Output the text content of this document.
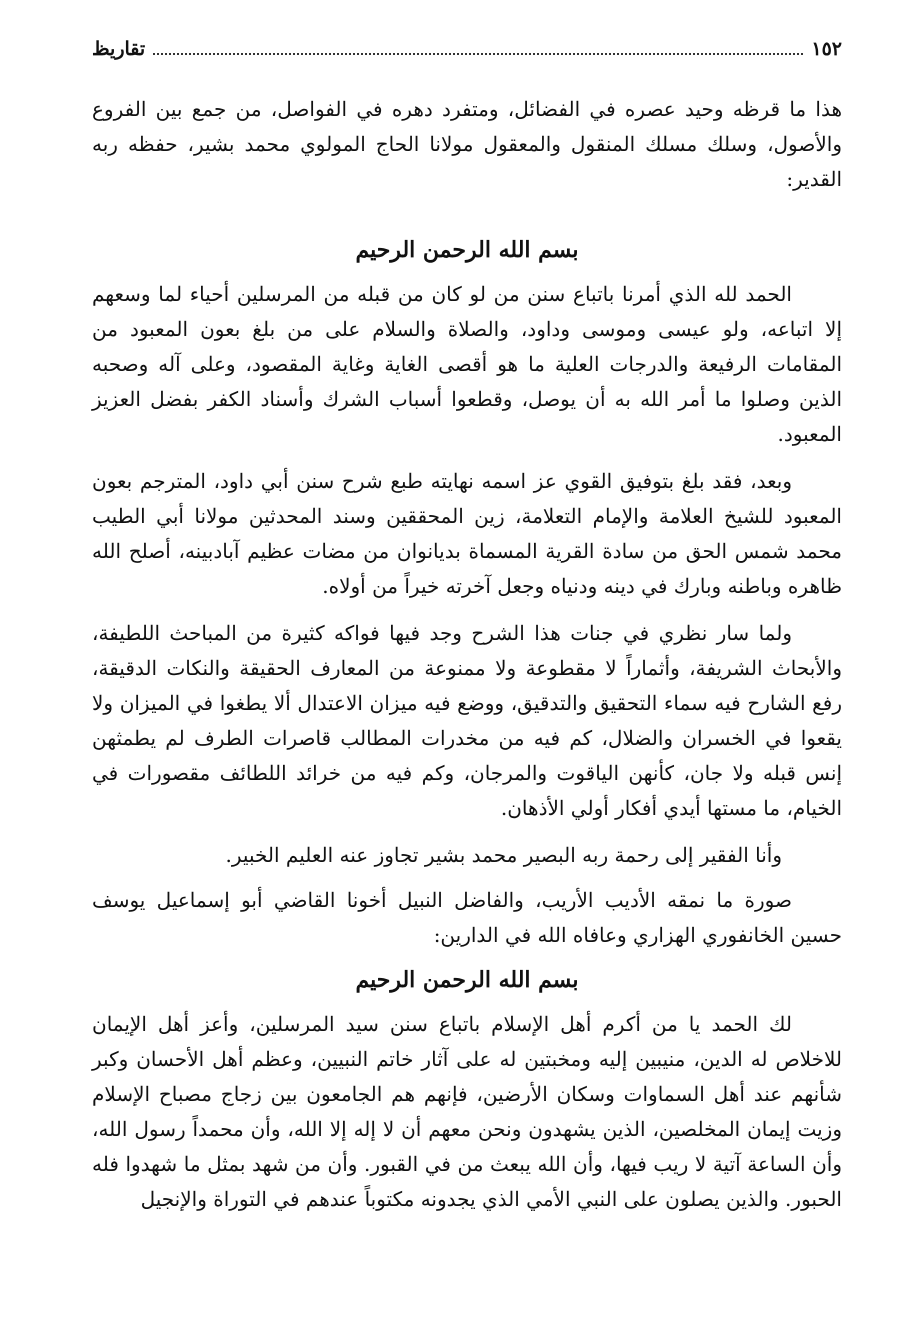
١٥٢
تقاريظ
هذا ما قرظه وحيد عصره في الفضائل، ومتفرد دهره في الفواصل، من جمع بين الفروع والأصول، وسلك مسلك المنقول والمعقول مولانا الحاج المولوي محمد بشير، حفظه ربه القدير:
بسم الله الرحمن الرحيم
الحمد لله الذي أمرنا باتباع سنن من لو كان من قبله من المرسلين أحياء لما وسعهم إلا اتباعه، ولو عيسى وموسى وداود، والصلاة والسلام على من بلغ بعون المعبود من المقامات الرفيعة والدرجات العلية ما هو أقصى الغاية وغاية المقصود، وعلى آله وصحبه الذين وصلوا ما أمر الله به أن يوصل، وقطعوا أسباب الشرك وأسناد الكفر بفضل العزيز المعبود.
وبعد، فقد بلغ بتوفيق القوي عز اسمه نهايته طبع شرح سنن أبي داود، المترجم بعون المعبود للشيخ العلامة والإمام التعلامة، زين المحققين وسند المحدثين مولانا أبي الطيب محمد شمس الحق من سادة القرية المسماة بديانوان من مضات عظيم آبادبينه، أصلح الله ظاهره وباطنه وبارك في دينه ودنياه وجعل آخرته خيراً من أولاه.
ولما سار نظري في جنات هذا الشرح وجد فيها فواكه كثيرة من المباحث اللطيفة، والأبحاث الشريفة، وأثماراً لا مقطوعة ولا ممنوعة من المعارف الحقيقة والنكات الدقيقة، رفع الشارح فيه سماء التحقيق والتدقيق، ووضع فيه ميزان الاعتدال ألا يطغوا في الميزان ولا يقعوا في الخسران والضلال، كم فيه من مخدرات المطالب قاصرات الطرف لم يطمثهن إنس قبله ولا جان، كأنهن الياقوت والمرجان، وكم فيه من خرائد اللطائف مقصورات في الخيام، ما مستها أيدي أفكار أولي الأذهان.
وأنا الفقير إلى رحمة ربه البصير محمد بشير تجاوز عنه العليم الخبير.
صورة ما نمقه الأديب الأريب، والفاضل النبيل أخونا القاضي أبو إسماعيل يوسف حسين الخانفوري الهزاري وعافاه الله في الدارين:
بسم الله الرحمن الرحيم
لك الحمد يا من أكرم أهل الإسلام باتباع سنن سيد المرسلين، وأعز أهل الإيمان للاخلاص له الدين، منيبين إليه ومخبتين له على آثار خاتم النبيين، وعظم أهل الأحسان وكبر شأنهم عند أهل السماوات وسكان الأرضين، فإنهم هم الجامعون بين زجاج مصباح الإسلام وزيت إيمان المخلصين، الذين يشهدون ونحن معهم أن لا إله إلا الله، وأن محمداً رسول الله، وأن الساعة آتية لا ريب فيها، وأن الله يبعث من في القبور. وأن من شهد بمثل ما شهدوا فله الحبور. والذين يصلون على النبي الأمي الذي يجدونه مكتوباً عندهم في التوراة والإنجيل
